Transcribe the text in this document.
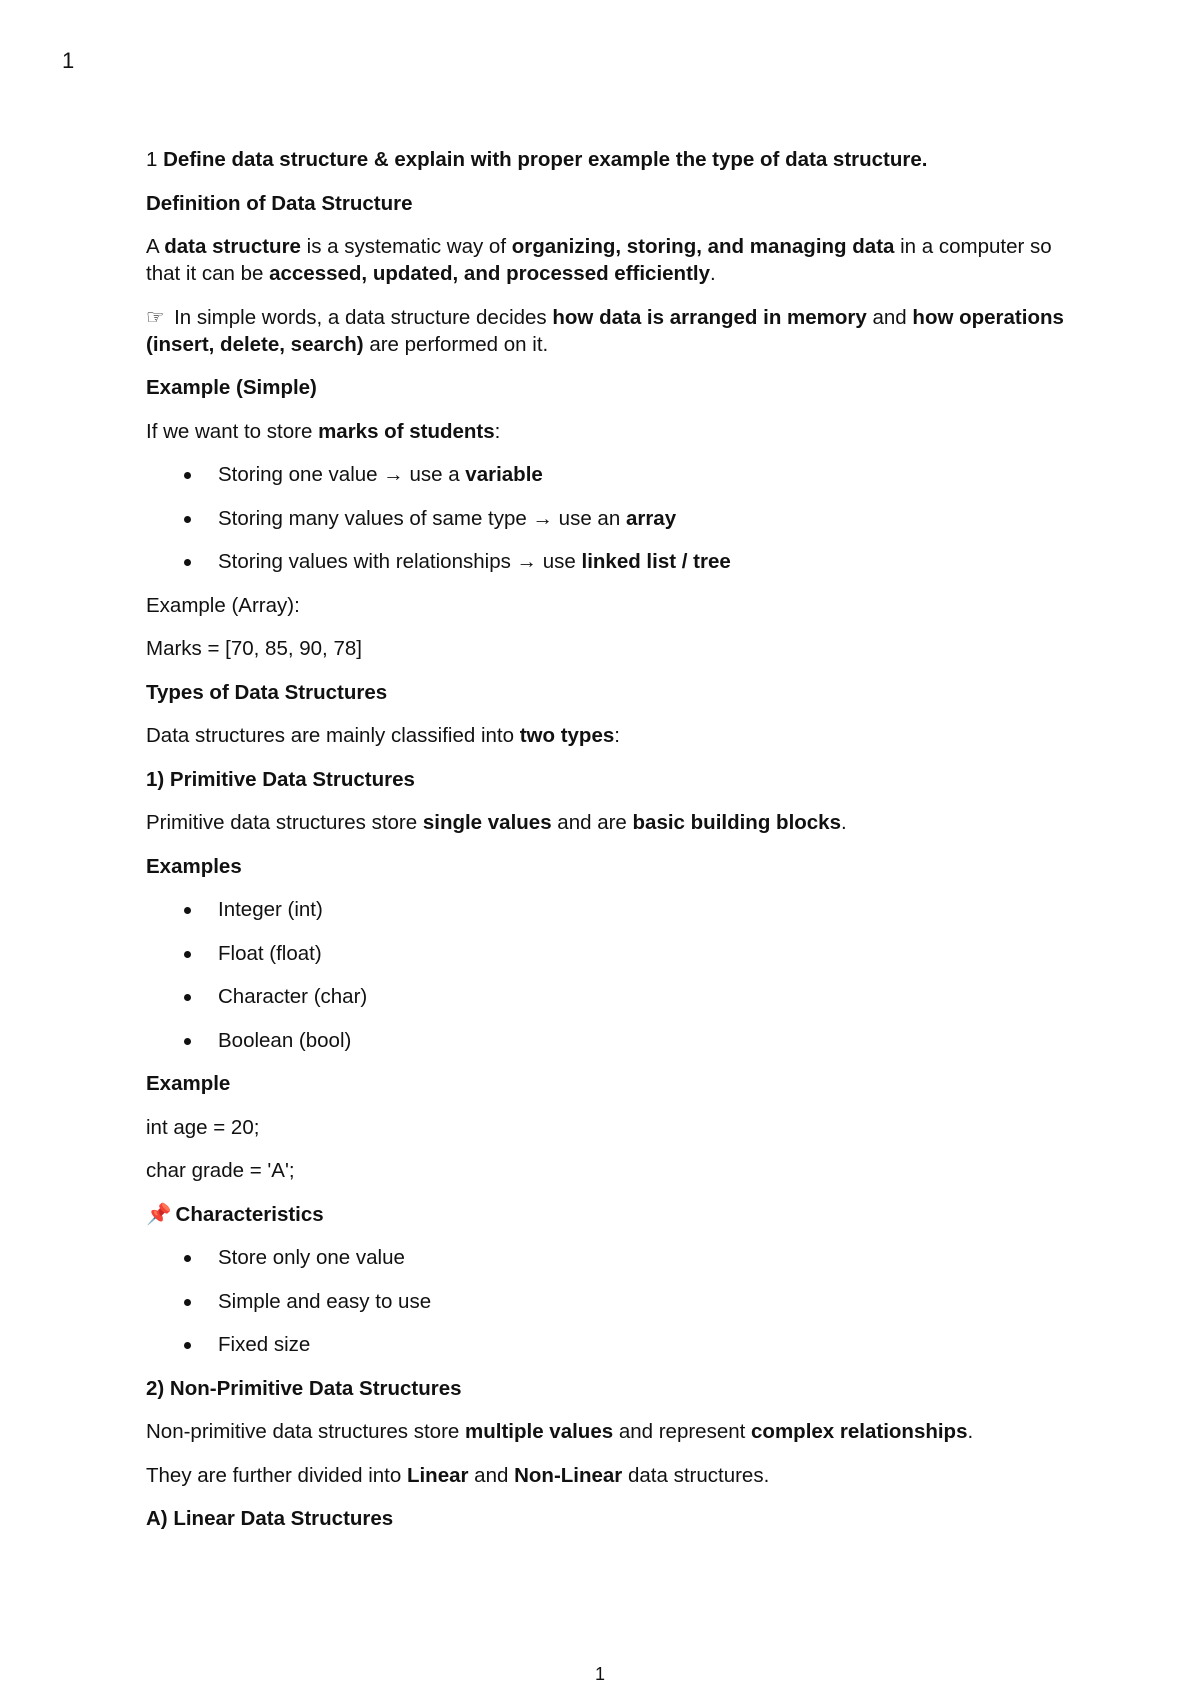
1

1 Define data structure & explain with proper example the type of data structure.

Definition of Data Structure

A data structure is a systematic way of organizing, storing, and managing data in a computer so that it can be accessed, updated, and processed efficiently.

☞ In simple words, a data structure decides how data is arranged in memory and how operations (insert, delete, search) are performed on it.

Example (Simple)

If we want to store marks of students:

Storing one value → use a variable
Storing many values of same type → use an array
Storing values with relationships → use linked list / tree

Example (Array):

Marks = [70, 85, 90, 78]

Types of Data Structures

Data structures are mainly classified into two types:

1) Primitive Data Structures

Primitive data structures store single values and are basic building blocks.

Examples

Integer (int)
Float (float)
Character (char)
Boolean (bool)

Example

int age = 20;

char grade = 'A';

📌 Characteristics

Store only one value
Simple and easy to use
Fixed size

2) Non-Primitive Data Structures

Non-primitive data structures store multiple values and represent complex relationships.

They are further divided into Linear and Non-Linear data structures.

A) Linear Data Structures

1
